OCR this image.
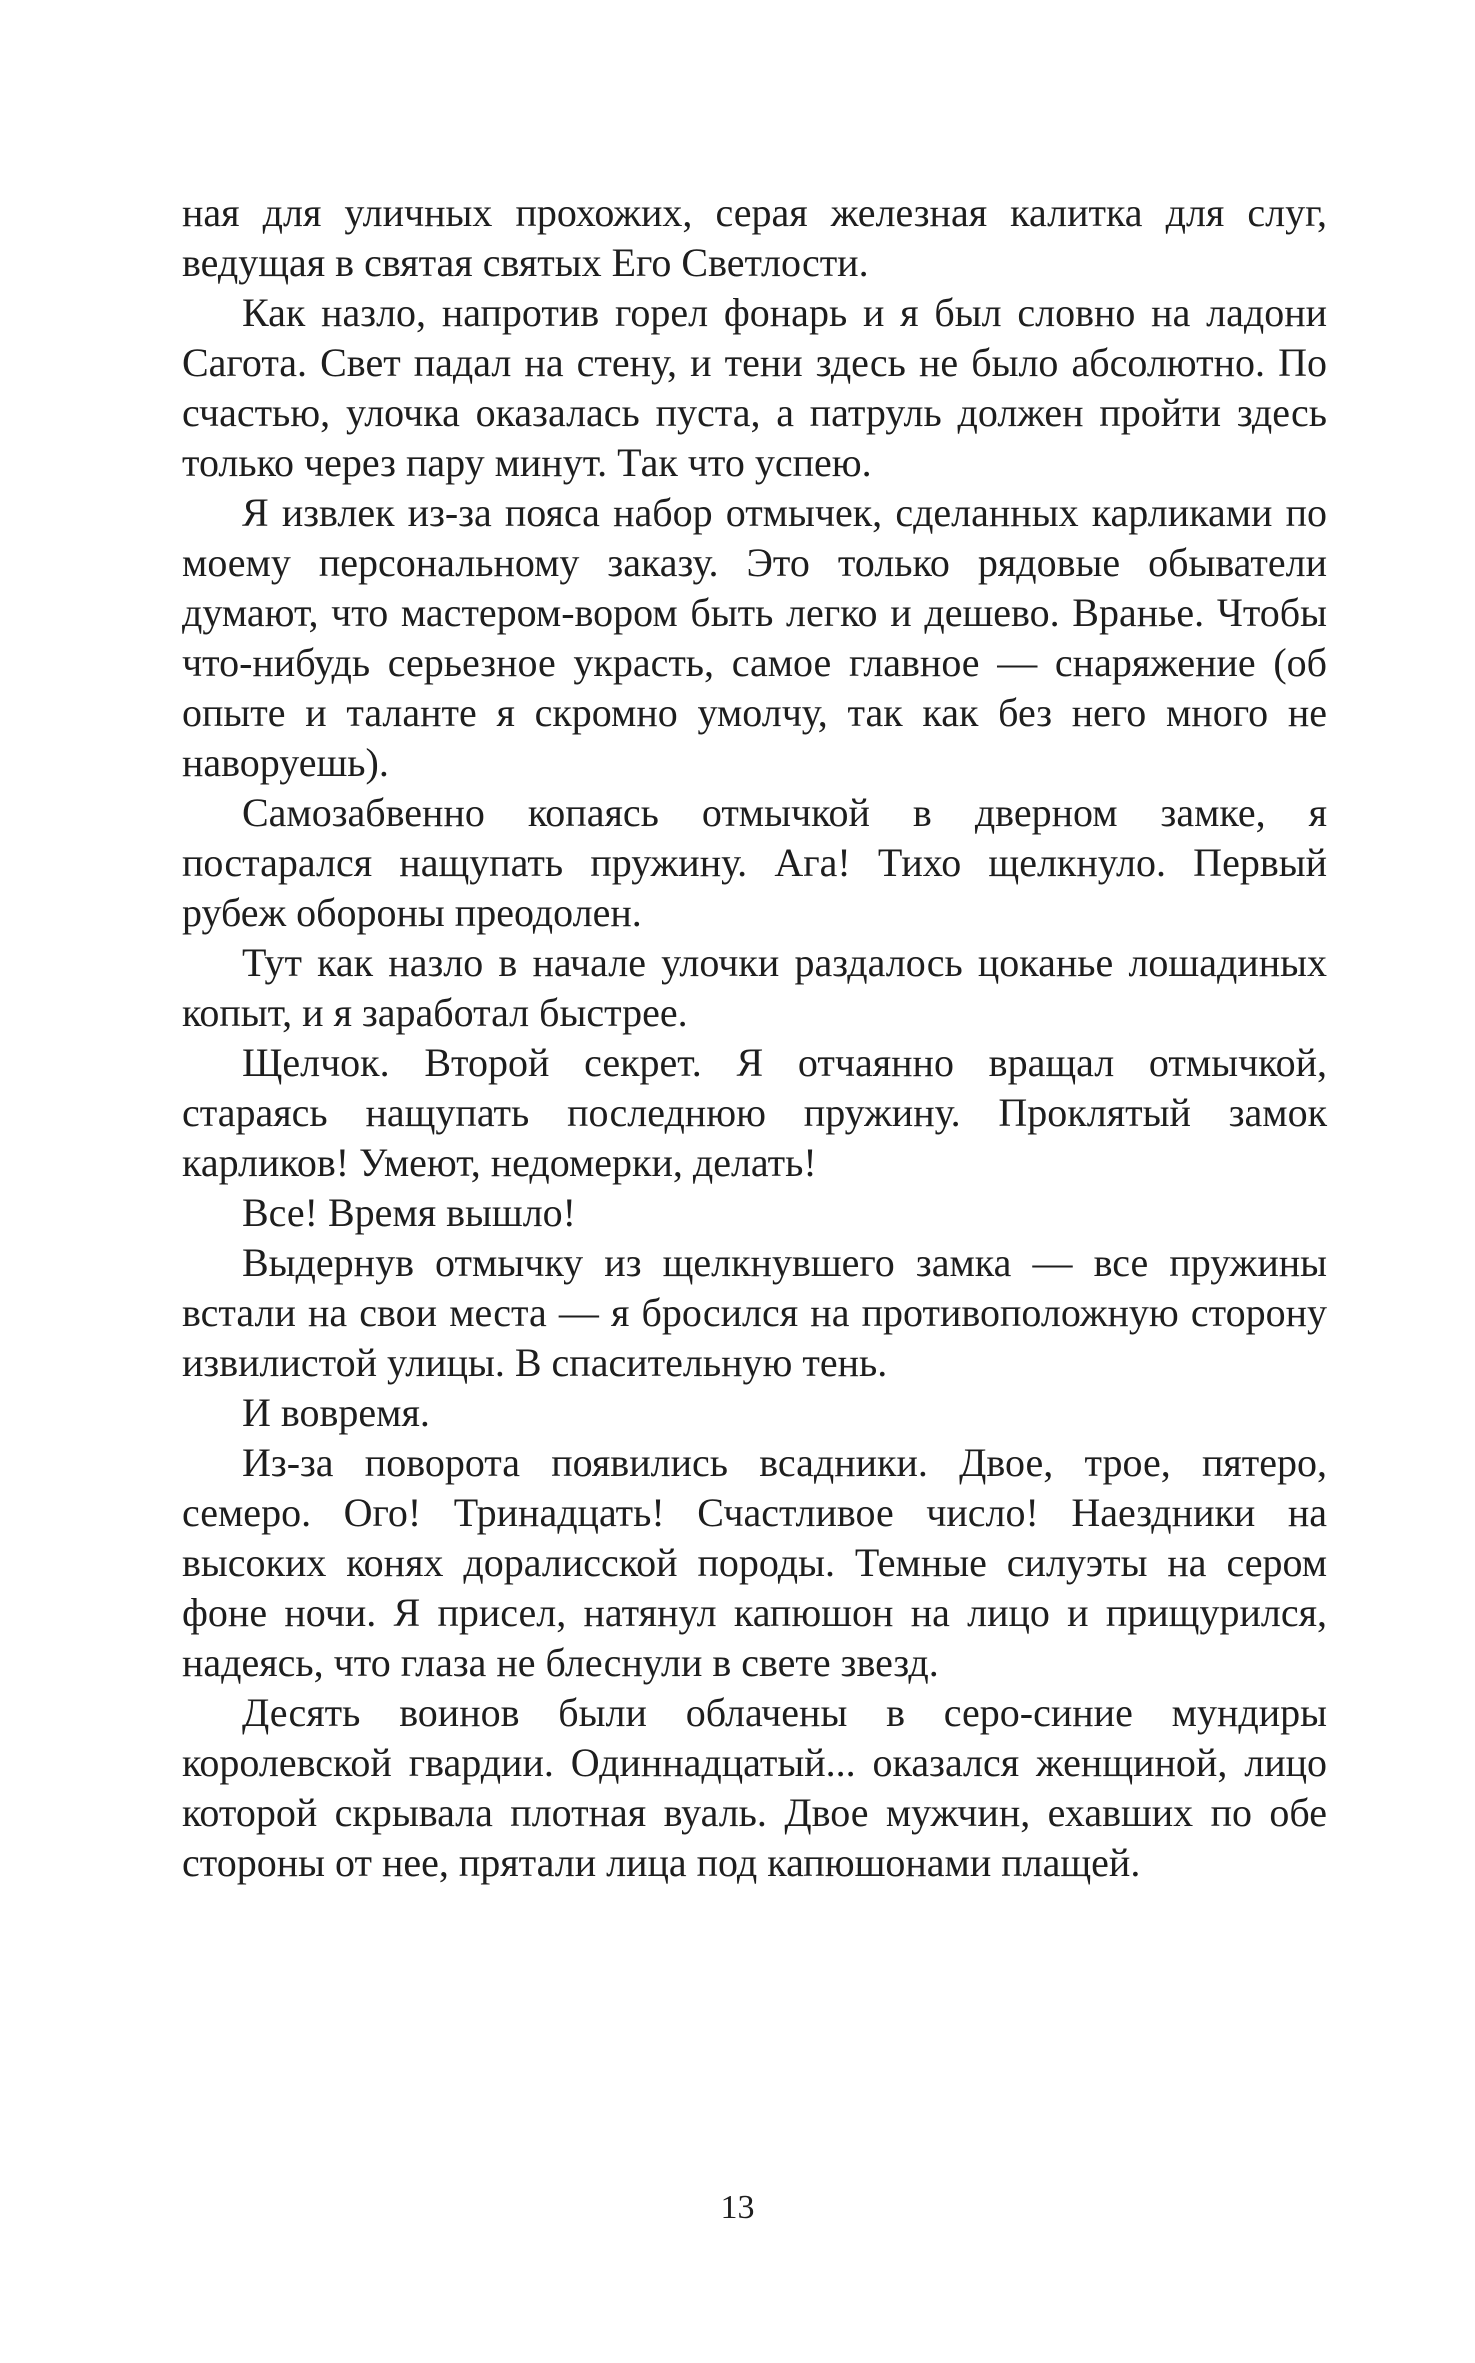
ная для уличных прохожих, серая железная калитка для слуг, ведущая в святая святых Его Светлости.

Как назло, напротив горел фонарь и я был словно на ладони Сагота. Свет падал на стену, и тени здесь не было абсолютно. По счастью, улочка оказалась пуста, а патруль должен пройти здесь только через пару минут. Так что успею.

Я извлек из-за пояса набор отмычек, сделанных карликами по моему персональному заказу. Это только рядовые обыватели думают, что мастером-вором быть легко и дешево. Вранье. Чтобы что-нибудь серьезное украсть, самое главное — снаряжение (об опыте и таланте я скромно умолчу, так как без него много не наворуешь).

Самозабвенно копаясь отмычкой в дверном замке, я постарался нащупать пружину. Ага! Тихо щелкнуло. Первый рубеж обороны преодолен.

Тут как назло в начале улочки раздалось цоканье лошадиных копыт, и я заработал быстрее.

Щелчок. Второй секрет. Я отчаянно вращал отмычкой, стараясь нащупать последнюю пружину. Проклятый замок карликов! Умеют, недомерки, делать!

Все! Время вышло!

Выдернув отмычку из щелкнувшего замка — все пружины встали на свои места — я бросился на противоположную сторону извилистой улицы. В спасительную тень.

И вовремя.

Из-за поворота появились всадники. Двое, трое, пятеро, семеро. Ого! Тринадцать! Счастливое число! Наездники на высоких конях доралисской породы. Темные силуэты на сером фоне ночи. Я присел, натянул капюшон на лицо и прищурился, надеясь, что глаза не блеснули в свете звезд.

Десять воинов были облачены в серо-синие мундиры королевской гвардии. Одиннадцатый... оказался женщиной, лицо которой скрывала плотная вуаль. Двое мужчин, ехавших по обе стороны от нее, прятали лица под капюшонами плащей.

13
